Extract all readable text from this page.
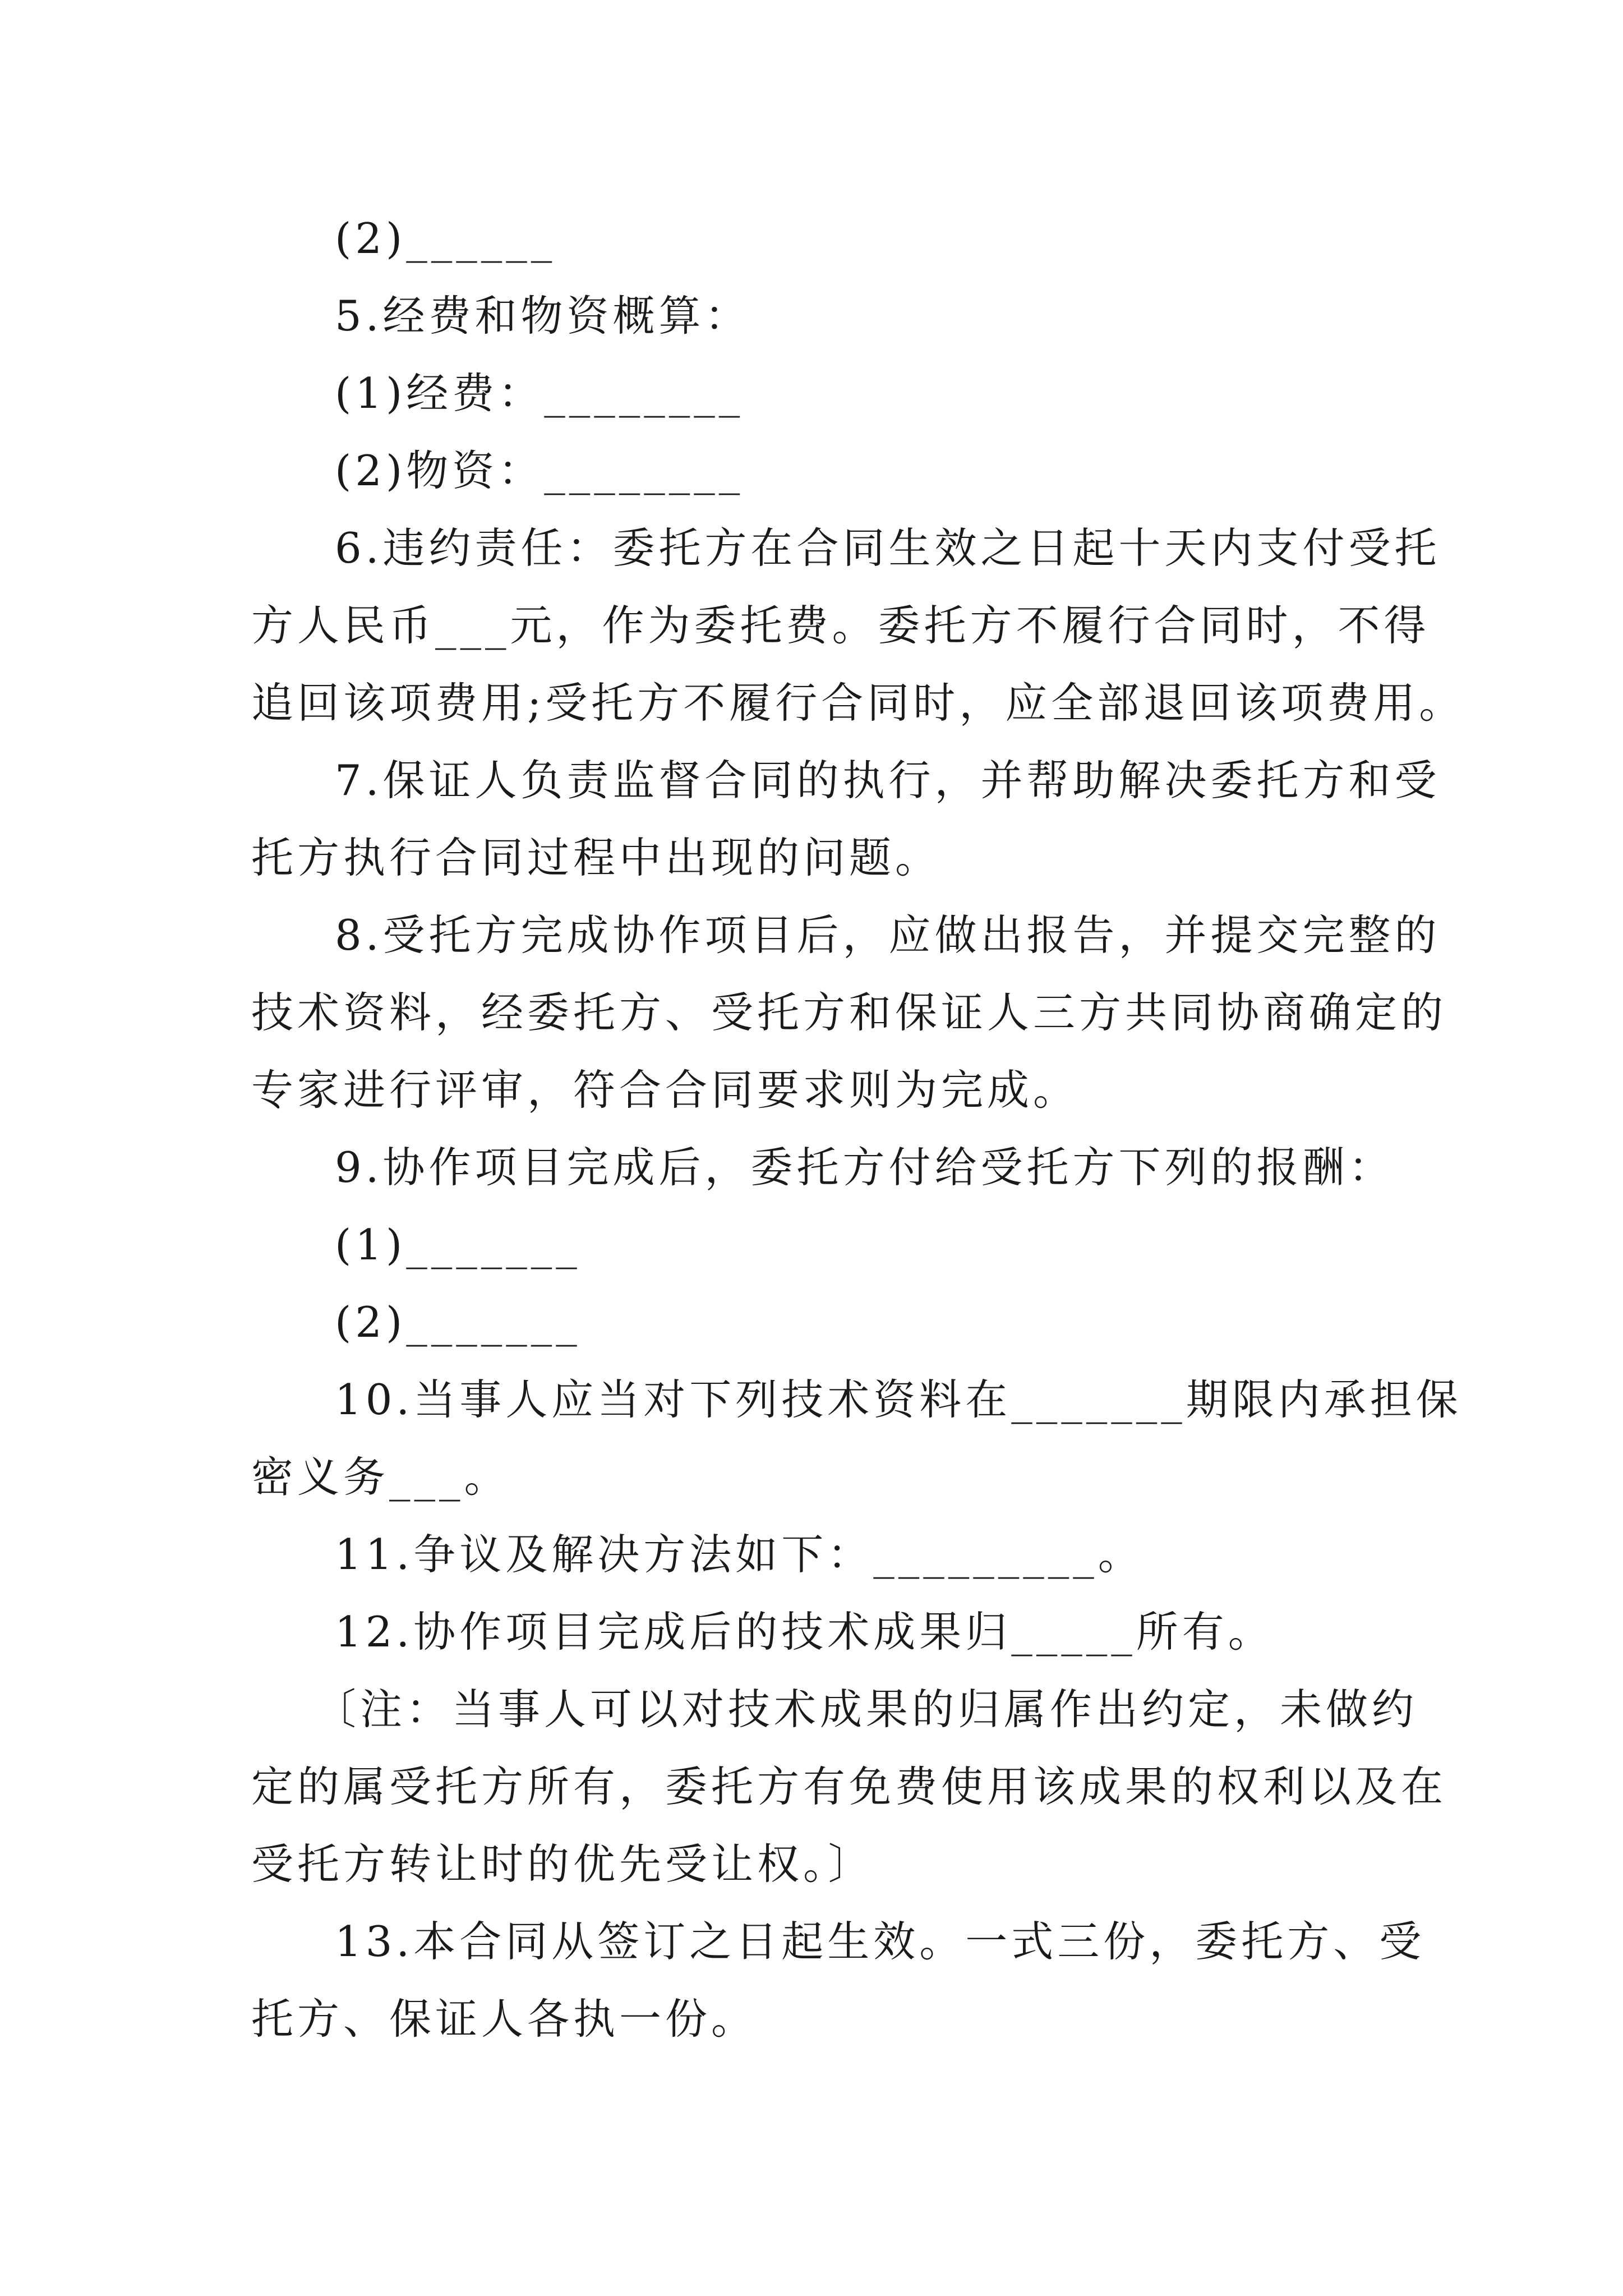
(2)______
5.经费和物资概算：
(1)经费：________
(2)物资：________
6.违约责任：委托方在合同生效之日起十天内支付受托
方人民币___元，作为委托费。委托方不履行合同时，不得
追回该项费用;受托方不履行合同时，应全部退回该项费用。
7.保证人负责监督合同的执行，并帮助解决委托方和受
托方执行合同过程中出现的问题。
8.受托方完成协作项目后，应做出报告，并提交完整的
技术资料，经委托方、受托方和保证人三方共同协商确定的
专家进行评审，符合合同要求则为完成。
9.协作项目完成后，委托方付给受托方下列的报酬：
(1)_______
(2)_______
10.当事人应当对下列技术资料在_______期限内承担保
密义务___。
11.争议及解决方法如下：_________。
12.协作项目完成后的技术成果归_____所有。
〔注：当事人可以对技术成果的归属作出约定，未做约
定的属受托方所有，委托方有免费使用该成果的权利以及在
受托方转让时的优先受让权。〕
13.本合同从签订之日起生效。一式三份，委托方、受
托方、保证人各执一份。
